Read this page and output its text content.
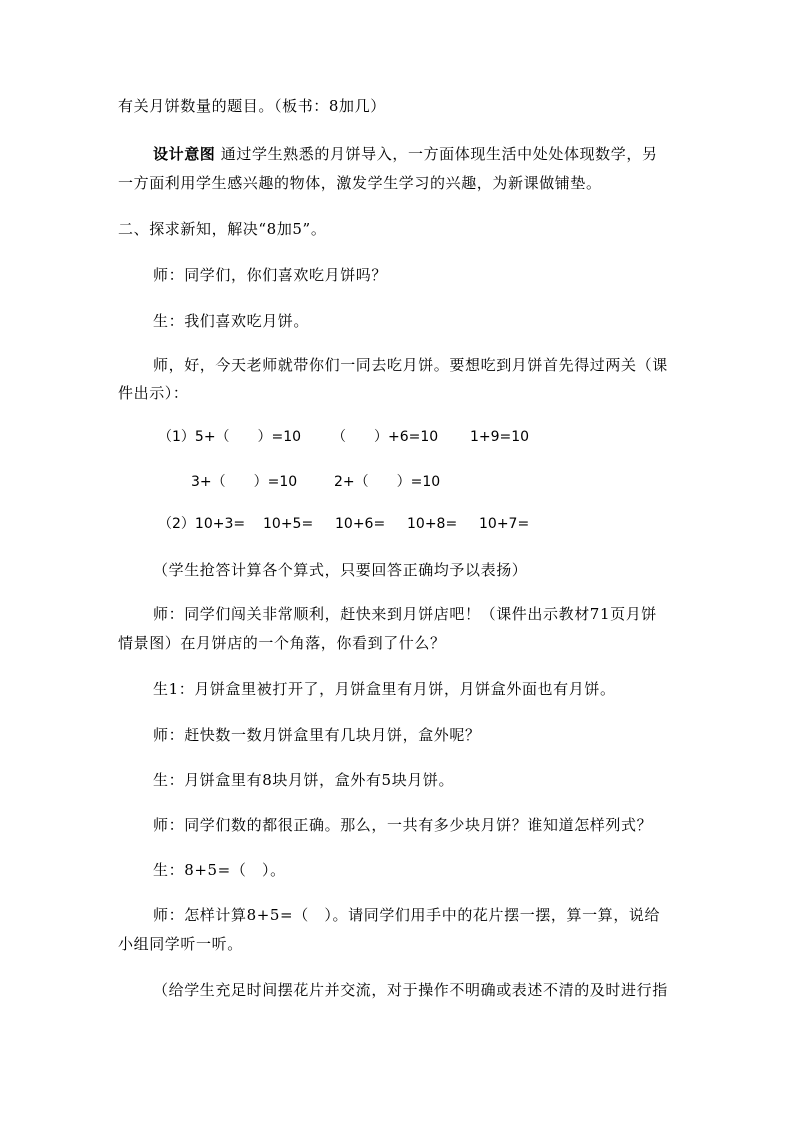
有关月饼数量的题目。（板书：8加几）
设计意图 通过学生熟悉的月饼导入，一方面体现生活中处处体现数学，另
一方面利用学生感兴趣的物体，激发学生学习的兴趣，为新课做铺垫。
二、探求新知，解决“8加5”。
师：同学们，你们喜欢吃月饼吗？
生：我们喜欢吃月饼。
师，好，今天老师就带你们一同去吃月饼。要想吃到月饼首先得过两关（课
件出示）：
（1）5+（　　）=10 （　　）+6=10 1+9=10
3+（　　）=10	2+（　　）=10
（2）10+3= 10+5= 10+6= 10+8= 10+7=
（学生抢答计算各个算式，只要回答正确均予以表扬）
师：同学们闯关非常顺利，赶快来到月饼店吧！（课件出示教材71页月饼
情景图）在月饼店的一个角落，你看到了什么？
生1：月饼盒里被打开了，月饼盒里有月饼，月饼盒外面也有月饼。
师：赶快数一数月饼盒里有几块月饼，盒外呢？
生：月饼盒里有8块月饼，盒外有5块月饼。
师：同学们数的都很正确。那么，一共有多少块月饼？谁知道怎样列式？
生：8+5=（　）。
师：怎样计算8+5=（　）。请同学们用手中的花片摆一摆，算一算，说给
小组同学听一听。
（给学生充足时间摆花片并交流，对于操作不明确或表述不清的及时进行指
